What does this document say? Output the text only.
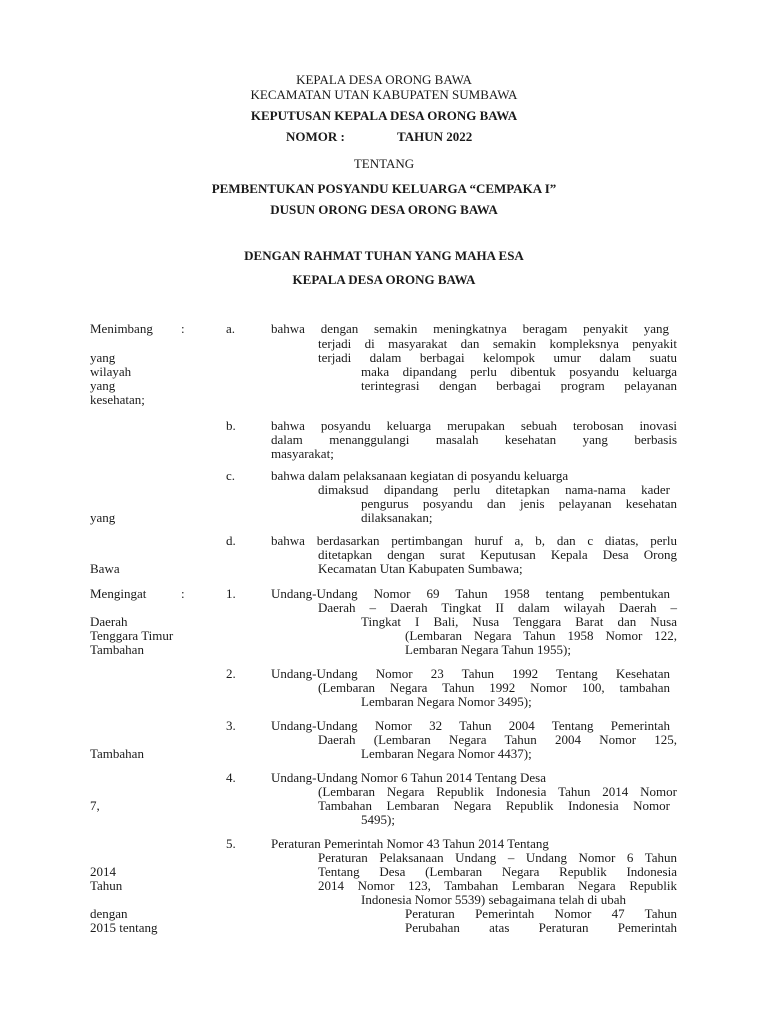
KEPALA DESA ORONG BAWA
KECAMATAN UTAN KABUPATEN SUMBAWA
KEPUTUSAN KEPALA DESA ORONG BAWA
NOMOR :	TAHUN 2022
TENTANG
PEMBENTUKAN POSYANDU KELUARGA “CEMPAKA I”
DUSUN ORONG DESA ORONG BAWA
DENGAN RAHMAT TUHAN YANG MAHA ESA
KEPALA DESA ORONG BAWA
Menimbang :	a.	bahwa dengan semakin meningkatnya beragam penyakit yang
terjadi di masyarakat dan semakin kompleksnya penyakit
yang	terjadi dalam berbagai kelompok umur dalam suatu
wilayah	maka dipandang perlu dibentuk posyandu keluarga
yang	terintegrasi dengan berbagai program pelayanan
kesehatan;
b.	bahwa posyandu keluarga merupakan sebuah terobosan inovasi
dalam menanggulangi masalah kesehatan yang berbasis
masyarakat;
c.	bahwa dalam pelaksanaan kegiatan di posyandu keluarga
dimaksud dipandang perlu ditetapkan nama-nama kader
pengurus posyandu dan jenis pelayanan kesehatan
yang	dilaksanakan;
d.	bahwa berdasarkan pertimbangan huruf a, b, dan c diatas, perlu
ditetapkan dengan surat Keputusan Kepala Desa Orong
Bawa	Kecamatan Utan Kabupaten Sumbawa;
Mengingat	:	1.	Undang-Undang Nomor 69 Tahun 1958 tentang pembentukan
Daerah – Daerah Tingkat II dalam wilayah Daerah –
Daerah	Tingkat I Bali, Nusa Tenggara Barat dan Nusa
Tenggara Timur	(Lembaran Negara Tahun 1958 Nomor 122,
Tambahan	Lembaran Negara Tahun 1955);
2.	Undang-Undang Nomor 23 Tahun 1992 Tentang Kesehatan
(Lembaran Negara Tahun 1992 Nomor 100, tambahan
Lembaran Negara Nomor 3495);
3.	Undang-Undang Nomor 32 Tahun 2004 Tentang Pemerintah
Daerah (Lembaran Negara Tahun 2004 Nomor 125,
Tambahan	Lembaran Negara Nomor 4437);
4.	Undang-Undang Nomor 6 Tahun 2014 Tentang Desa
(Lembaran Negara Republik Indonesia Tahun 2014 Nomor
7,	Tambahan Lembaran Negara Republik Indonesia Nomor
5495);
5.	Peraturan Pemerintah Nomor 43 Tahun 2014 Tentang
Peraturan Pelaksanaan Undang – Undang Nomor 6 Tahun
2014	Tentang Desa (Lembaran Negara Republik Indonesia
Tahun	2014 Nomor 123, Tambahan Lembaran Negara Republik
Indonesia Nomor 5539) sebagaimana telah di ubah
dengan	Peraturan Pemerintah Nomor 47 Tahun
2015 tentang	Perubahan atas Peraturan Pemerintah
